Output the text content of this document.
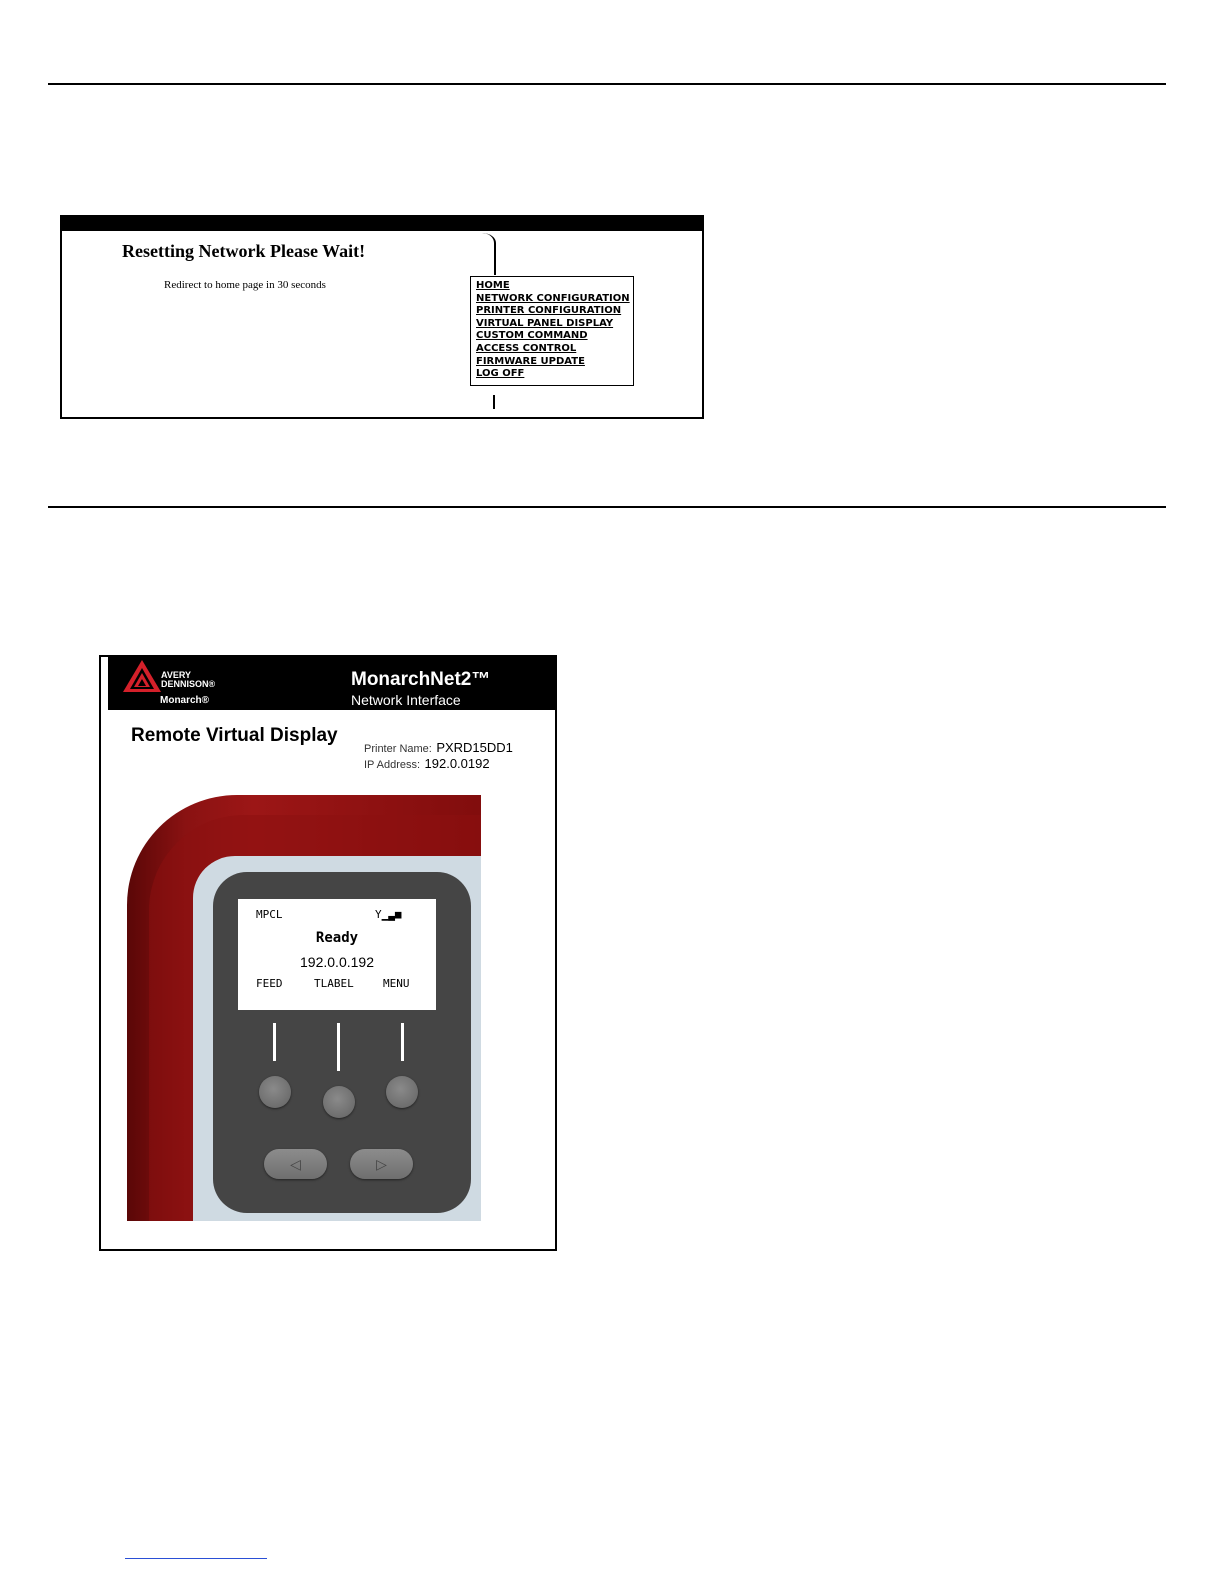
Resetting Network Please Wait!
Redirect to home page in 30 seconds	HOME
NETWORK CONFIGURATION
PRINTER CONFIGURATION
VIRTUAL PANEL DISPLAY
CUSTOM COMMAND
ACCESS CONTROL
FIRMWARE UPDATE
LOG OFF
AVERY
DENNISON®
Monarch®
MonarchNet2™
Network Interface
Remote Virtual Display
Printer Name: PXRD15DD1
IP Address: 192.0.0192
MPCL	Y▁▃■
Ready
192.0.0.192
FEED	TLABEL	MENU
◁	▷
